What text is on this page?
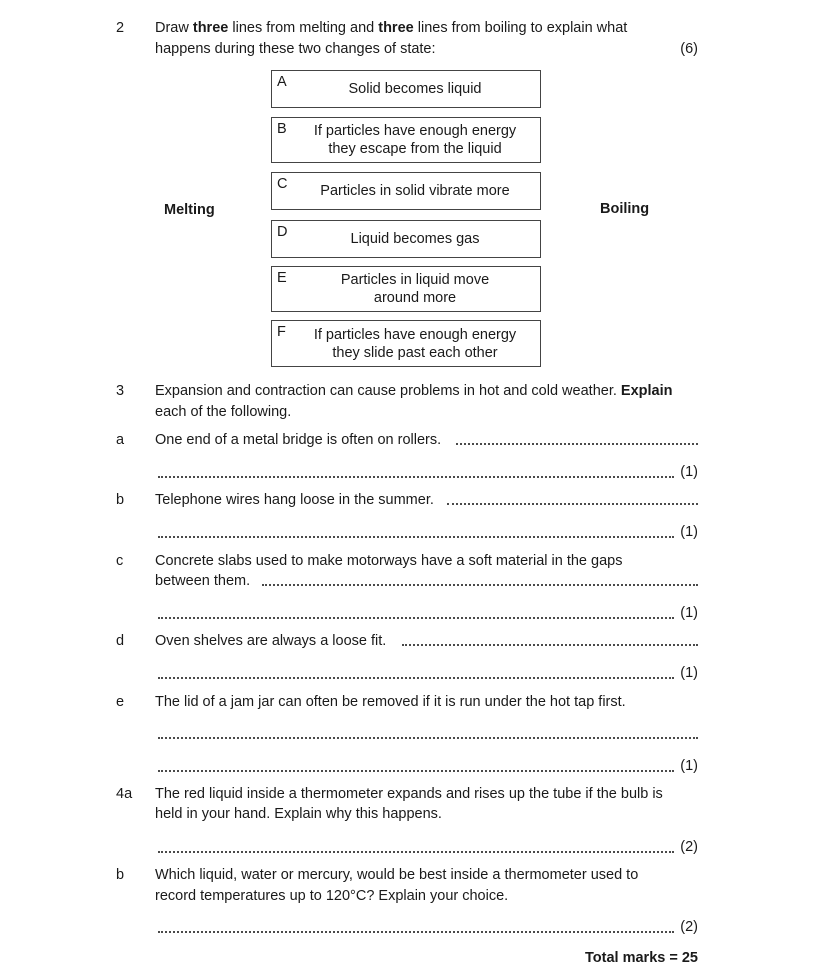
2 Draw three lines from melting and three lines from boiling to explain what
happens during these two changes of state:	(6)
Melting	Boiling
A	Solid becomes liquid
B If particles have enough energy
they escape from the liquid
C Particles in solid vibrate more
D	Liquid becomes gas
E	Particles in liquid move
around more
F If particles have enough energy
they slide past each other
3 Expansion and contraction can cause problems in hot and cold weather. Explain
each of the following.
a One end of a metal bridge is often on rollers.
(1)
b Telephone wires hang loose in the summer.
(1)
c Concrete slabs used to make motorways have a soft material in the gaps
between them.
(1)
d Oven shelves are always a loose fit.
(1)
e The lid of a jam jar can often be removed if it is run under the hot tap first.
(1)
4a The red liquid inside a thermometer expands and rises up the tube if the bulb is
held in your hand. Explain why this happens.
(2)
b Which liquid, water or mercury, would be best inside a thermometer used to
record temperatures up to 120°C? Explain your choice.
(2)
Total marks = 25
